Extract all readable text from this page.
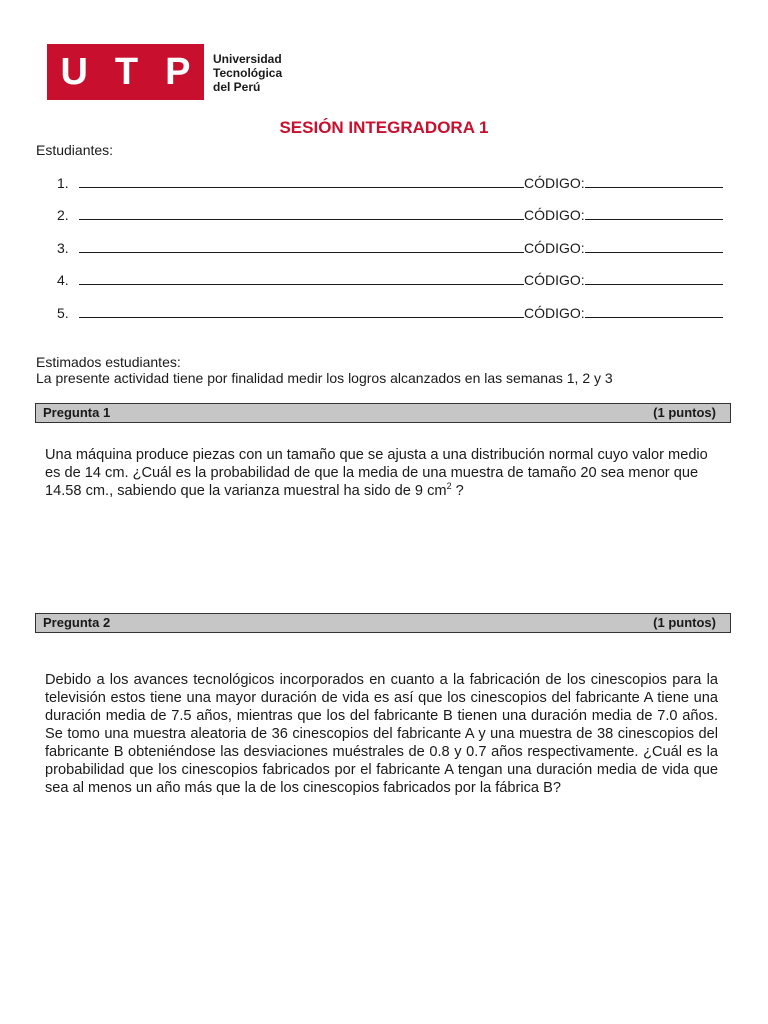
U T P Universidad
Tecnológica
del Perú
SESIÓN INTEGRADORA 1
Estudiantes:
1.	CÓDIGO:
2.	CÓDIGO:
3.	CÓDIGO:
4.	CÓDIGO:
5.	CÓDIGO:
Estimados estudiantes:
La presente actividad tiene por finalidad medir los logros alcanzados en las semanas 1, 2 y 3
Pregunta 1	(1 puntos)
Una máquina produce piezas con un tamaño que se ajusta a una distribución normal cuyo valor medio es de 14 cm. ¿Cuál es la probabilidad de que la media de una muestra de tamaño 20 sea menor que 14.58 cm., sabiendo que la varianza muestral ha sido de 9 $cm^2$ ?
Pregunta 2	(1 puntos)
Debido a los avances tecnológicos incorporados en cuanto a la fabricación de los cinescopios para la televisión estos tiene una mayor duración de vida es así que los cinescopios del fabricante A tiene una duración media de 7.5 años, mientras que los del fabricante B tienen una duración media de 7.0 años. Se tomo una muestra aleatoria de 36 cinescopios del fabricante A y una muestra de 38 cinescopios del fabricante B obteniéndose las desviaciones muéstrales de 0.8 y 0.7 años respectivamente. ¿Cuál es la probabilidad que los cinescopios fabricados por el fabricante A tengan una duración media de vida que sea al menos un año más que la de los cinescopios fabricados por la fábrica B?
